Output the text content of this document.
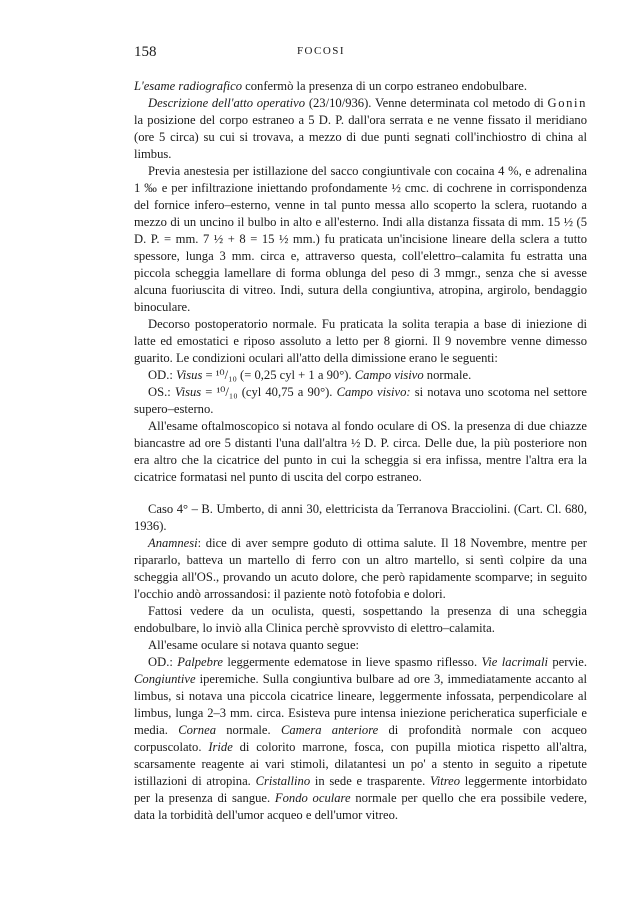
158	FOCOSI

L'esame radiografico confermò la presenza di un corpo estraneo endobulbare.

Descrizione dell'atto operativo (23/10/936). Venne determinata col metodo di Gonin la posizione del corpo estraneo a 5 D. P. dall'ora serrata e ne venne fissato il meridiano (ore 5 circa) su cui si trovava, a mezzo di due punti segnati coll'inchiostro di china al limbus.

Previa anestesia per istillazione del sacco congiuntivale con cocaina 4 %, e adrenalina 1 ‰ e per infiltrazione iniettando profondamente ½ cmc. di cochrene in corrispondenza del fornice infero–esterno, venne in tal punto messa allo scoperto la sclera, ruotando a mezzo di un uncino il bulbo in alto e all'esterno. Indi alla distanza fissata di mm. 15 ½ (5 D. P. = mm. 7 ½ + 8 = 15 ½ mm.) fu praticata un'incisione lineare della sclera a tutto spessore, lunga 3 mm. circa e, attraverso questa, coll'elettro–calamita fu estratta una piccola scheggia lamellare di forma oblunga del peso di 3 mmgr., senza che si avesse alcuna fuoriuscita di vitreo. Indi, sutura della congiuntiva, atropina, argirolo, bendaggio binoculare.

Decorso postoperatorio normale. Fu praticata la solita terapia a base di iniezione di latte ed emostatici e riposo assoluto a letto per 8 giorni. Il 9 novembre venne dimesso guarito. Le condizioni oculari all'atto della dimissione erano le seguenti:

OD.: Visus = ¹⁰/₁₀ (= 0,25 cyl + 1 a 90°). Campo visivo normale.

OS.: Visus = ¹⁰/₁₀ (cyl 40,75 a 90°). Campo visivo: si notava uno scotoma nel settore supero–esterno.

All'esame oftalmoscopico si notava al fondo oculare di OS. la presenza di due chiazze biancastre ad ore 5 distanti l'una dall'altra ½ D. P. circa. Delle due, la più posteriore non era altro che la cicatrice del punto in cui la scheggia si era infissa, mentre l'altra era la cicatrice formatasi nel punto di uscita del corpo estraneo.

Caso 4° – B. Umberto, di anni 30, elettricista da Terranova Bracciolini. (Cart. Cl. 680, 1936).

Anamnesi: dice di aver sempre goduto di ottima salute. Il 18 Novembre, mentre per ripararlo, batteva un martello di ferro con un altro martello, si sentì colpire da una scheggia all'OS., provando un acuto dolore, che però rapidamente scomparve; in seguito l'occhio andò arrossandosi: il paziente notò fotofobia e dolori.

Fattosi vedere da un oculista, questi, sospettando la presenza di una scheggia endobulbare, lo inviò alla Clinica perchè sprovvisto di elettro–calamita.

All'esame oculare si notava quanto segue:

OD.: Palpebre leggermente edematose in lieve spasmo riflesso. Vie lacrimali pervie. Congiuntive iperemiche. Sulla congiuntiva bulbare ad ore 3, immediatamente accanto al limbus, si notava una piccola cicatrice lineare, leggermente infossata, perpendicolare al limbus, lunga 2–3 mm. circa. Esisteva pure intensa iniezione pericheratica superficiale e media. Cornea normale. Camera anteriore di profondità normale con acqueo corpuscolato. Iride di colorito marrone, fosca, con pupilla miotica rispetto all'altra, scarsamente reagente ai vari stimoli, dilatantesi un po' a stento in seguito a ripetute istillazioni di atropina. Cristallino in sede e trasparente. Vitreo leggermente intorbidato per la presenza di sangue. Fondo oculare normale per quello che era possibile vedere, data la torbidità dell'umor acqueo e dell'umor vitreo.
